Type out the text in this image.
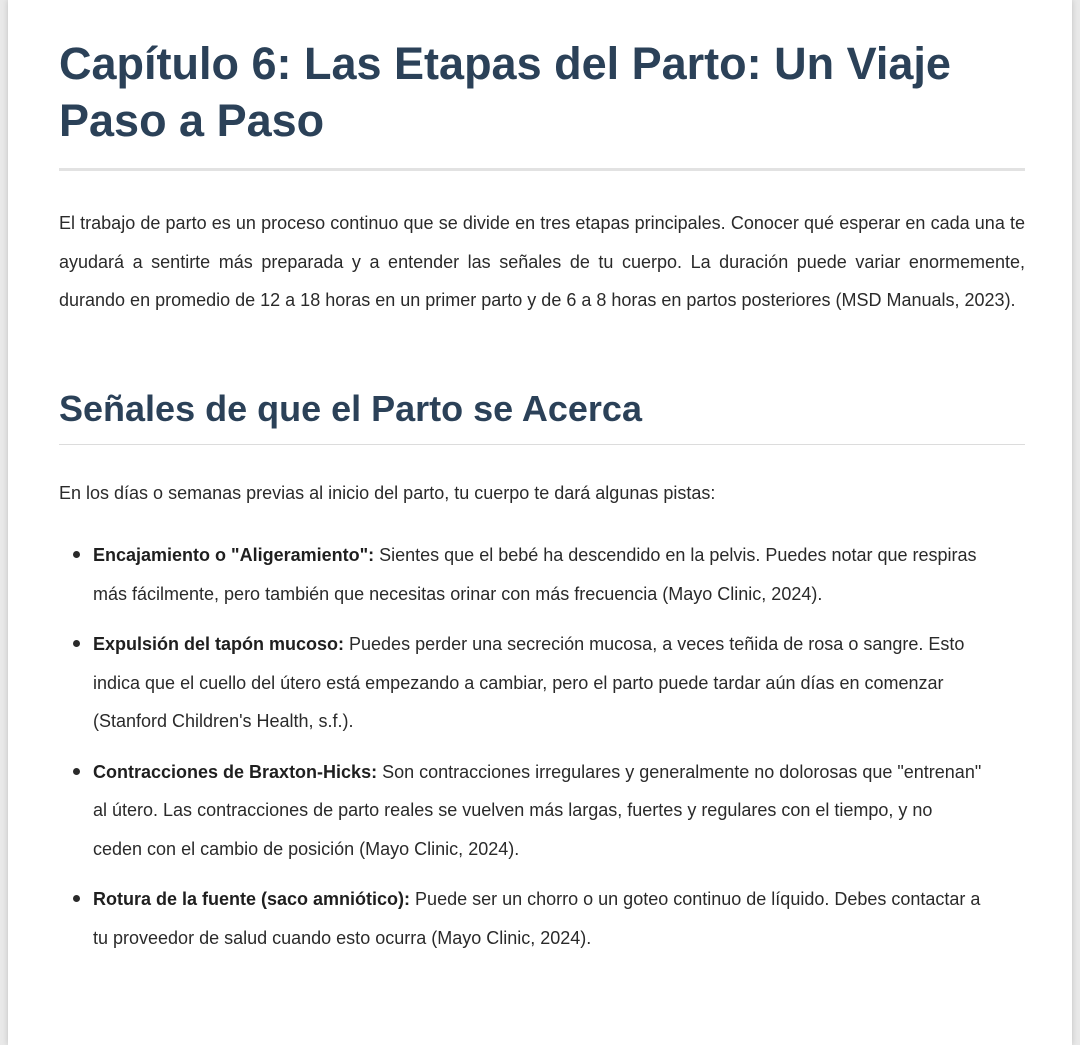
Capítulo 6: Las Etapas del Parto: Un Viaje Paso a Paso

El trabajo de parto es un proceso continuo que se divide en tres etapas principales. Conocer qué esperar en cada una te ayudará a sentirte más preparada y a entender las señales de tu cuerpo. La duración puede variar enormemente, durando en promedio de 12 a 18 horas en un primer parto y de 6 a 8 horas en partos posteriores (MSD Manuals, 2023).

Señales de que el Parto se Acerca

En los días o semanas previas al inicio del parto, tu cuerpo te dará algunas pistas:

Encajamiento o "Aligeramiento": Sientes que el bebé ha descendido en la pelvis. Puedes notar que respiras más fácilmente, pero también que necesitas orinar con más frecuencia (Mayo Clinic, 2024).
Expulsión del tapón mucoso: Puedes perder una secreción mucosa, a veces teñida de rosa o sangre. Esto indica que el cuello del útero está empezando a cambiar, pero el parto puede tardar aún días en comenzar (Stanford Children's Health, s.f.).
Contracciones de Braxton-Hicks: Son contracciones irregulares y generalmente no dolorosas que "entrenan" al útero. Las contracciones de parto reales se vuelven más largas, fuertes y regulares con el tiempo, y no ceden con el cambio de posición (Mayo Clinic, 2024).
Rotura de la fuente (saco amniótico): Puede ser un chorro o un goteo continuo de líquido. Debes contactar a tu proveedor de salud cuando esto ocurra (Mayo Clinic, 2024).
